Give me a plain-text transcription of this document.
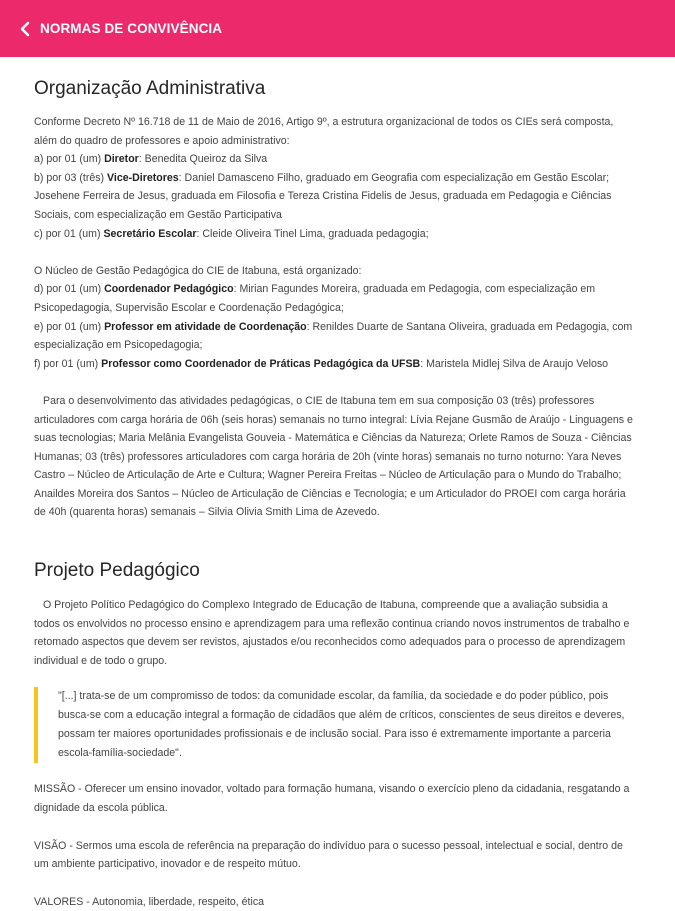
NORMAS DE CONVIVÊNCIA
Organização Administrativa

Conforme Decreto Nº 16.718 de 11 de Maio de 2016, Artigo 9º, a estrutura organizacional de todos os CIEs será composta, além do quadro de professores e apoio administrativo:

a) por 01 (um) Diretor: Benedita Queiroz da Silva

b) por 03 (três) Vice-Diretores: Daniel Damasceno Filho, graduado em Geografia com especialização em Gestão Escolar; Josehene Ferreira de Jesus, graduada em Filosofia e Tereza Cristina Fidelis de Jesus, graduada em Pedagogia e Ciências Sociais, com especialização em Gestão Participativa

c) por 01 (um) Secretário Escolar: Cleide Oliveira Tinel Lima, graduada pedagogia;

O Núcleo de Gestão Pedagógica do CIE de Itabuna, está organizado:

d) por 01 (um) Coordenador Pedagógico: Mirian Fagundes Moreira, graduada em Pedagogia, com especialização em Psicopedagogia, Supervisão Escolar e Coordenação Pedagógica;

e) por 01 (um) Professor em atividade de Coordenação: Renildes Duarte de Santana Oliveira, graduada em Pedagogia, com especialização em Psicopedagogia;

f) por 01 (um) Professor como Coordenador de Práticas Pedagógica da UFSB: Maristela Midlej Silva de Araujo Veloso

Para o desenvolvimento das atividades pedagógicas, o CIE de Itabuna tem em sua composição 03 (três) professores articuladores com carga horária de 06h (seis horas) semanais no turno integral: Lívia Rejane Gusmão de Araújo - Linguagens e suas tecnologias; Maria Melânia Evangelista Gouveia - Matemática e Ciências da Natureza; Orlete Ramos de Souza - Ciências Humanas; 03 (três) professores articuladores com carga horária de 20h (vinte horas) semanais no turno noturno: Yara Neves Castro – Núcleo de Articulação de Arte e Cultura; Wagner Pereira Freitas – Núcleo de Articulação para o Mundo do Trabalho; Anaildes Moreira dos Santos – Núcleo de Articulação de Ciências e Tecnologia; e um Articulador do PROEI com carga horária de 40h (quarenta horas) semanais – Silvia Olivia Smith Lima de Azevedo.

Projeto Pedagógico

O Projeto Político Pedagógico do Complexo Integrado de Educação de Itabuna, compreende que a avaliação subsidia a todos os envolvidos no processo ensino e aprendizagem para uma reflexão continua criando novos instrumentos de trabalho e retomado aspectos que devem ser revistos, ajustados e/ou reconhecidos como adequados para o processo de aprendizagem individual e de todo o grupo.

"[...] trata-se de um compromisso de todos: da comunidade escolar, da família, da sociedade e do poder público, pois busca-se com a educação integral a formação de cidadãos que além de críticos, conscientes de seus direitos e deveres, possam ter maiores oportunidades profissionais e de inclusão social. Para isso é extremamente importante a parceria escola-família-sociedade".

MISSÃO - Oferecer um ensino inovador, voltado para formação humana, visando o exercício pleno da cidadania, resgatando a dignidade da escola pública.

VISÃO - Sermos uma escola de referência na preparação do indivíduo para o sucesso pessoal, intelectual e social, dentro de um ambiente participativo, inovador e de respeito mútuo.

VALORES - Autonomia, liberdade, respeito, ética
